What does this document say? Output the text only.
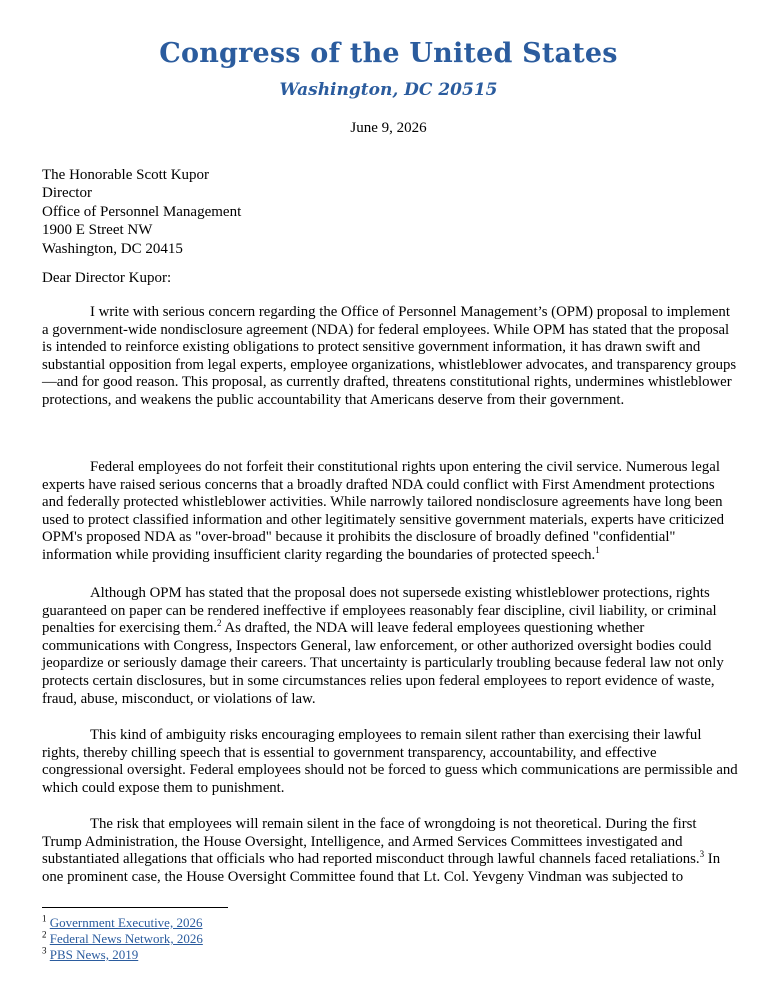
Congress of the United States
Washington, DC 20515
June 9, 2026
The Honorable Scott Kupor
Director
Office of Personnel Management
1900 E Street NW
Washington, DC 20415
Dear Director Kupor:

I write with serious concern regarding the Office of Personnel Management’s (OPM) proposal to implement a government-wide nondisclosure agreement (NDA) for federal employees. While OPM has stated that the proposal is intended to reinforce existing obligations to protect sensitive government information, it has drawn swift and substantial opposition from legal experts, employee organizations, whistleblower advocates, and transparency groups—and for good reason. This proposal, as currently drafted, threatens constitutional rights, undermines whistleblower protections, and weakens the public accountability that Americans deserve from their government.

Federal employees do not forfeit their constitutional rights upon entering the civil service. Numerous legal experts have raised serious concerns that a broadly drafted NDA could conflict with First Amendment protections and federally protected whistleblower activities. While narrowly tailored nondisclosure agreements have long been used to protect classified information and other legitimately sensitive government materials, experts have criticized OPM's proposed NDA as "over-broad" because it prohibits the disclosure of broadly defined "confidential" information while providing insufficient clarity regarding the boundaries of protected speech.$^1$

Although OPM has stated that the proposal does not supersede existing whistleblower protections, rights guaranteed on paper can be rendered ineffective if employees reasonably fear discipline, civil liability, or criminal penalties for exercising them.$^2$ As drafted, the NDA will leave federal employees questioning whether communications with Congress, Inspectors General, law enforcement, or other authorized oversight bodies could jeopardize or seriously damage their careers. That uncertainty is particularly troubling because federal law not only protects certain disclosures, but in some circumstances relies upon federal employees to report evidence of waste, fraud, abuse, misconduct, or violations of law.

This kind of ambiguity risks encouraging employees to remain silent rather than exercising their lawful rights, thereby chilling speech that is essential to government transparency, accountability, and effective congressional oversight. Federal employees should not be forced to guess which communications are permissible and which could expose them to punishment.

The risk that employees will remain silent in the face of wrongdoing is not theoretical. During the first Trump Administration, the House Oversight, Intelligence, and Armed Services Committees investigated and substantiated allegations that officials who had reported misconduct through lawful channels faced retaliations.$^3$ In one prominent case, the House Oversight Committee found that Lt. Col. Yevgeny Vindman was subjected to

$^1$ Government Executive, 2026
$^2$ Federal News Network, 2026
$^3$ PBS News, 2019
